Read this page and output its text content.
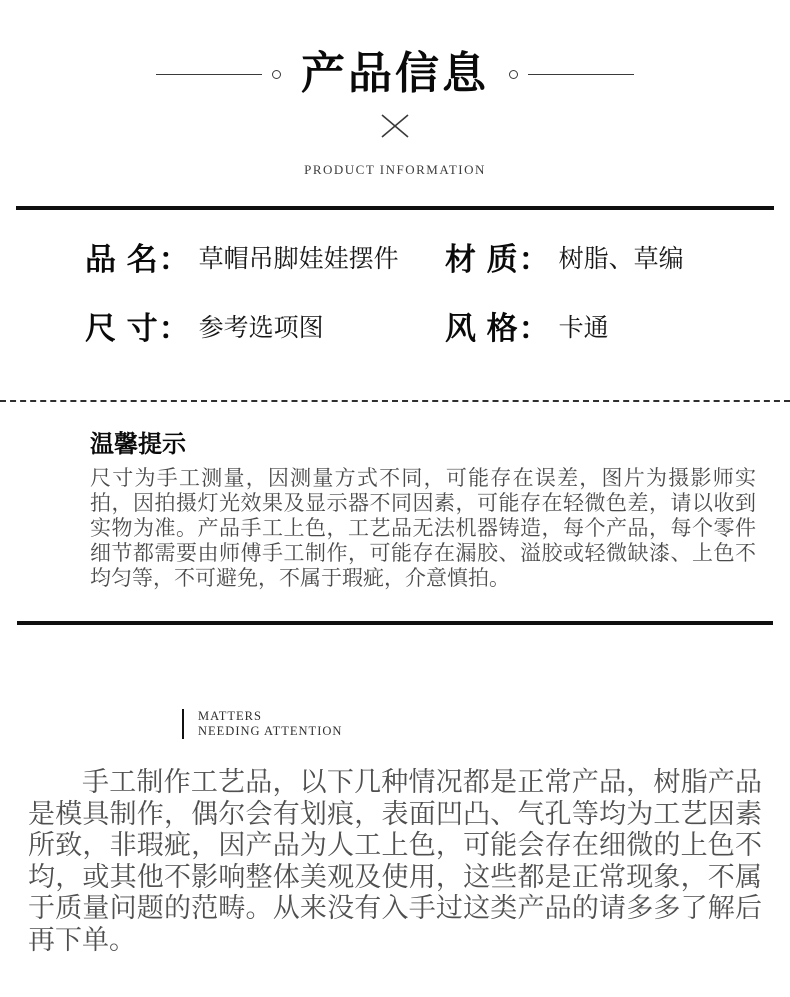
产品信息
PRODUCT INFORMATION
品 名： 草帽吊脚娃娃摆件 材 质： 树脂、草编
尺 寸： 参考选项图	风 格： 卡通
温馨提示

尺寸为手工测量，因测量方式不同，可能存在误差，图片为摄影师实拍，因拍摄灯光效果及显示器不同因素，可能存在轻微色差，请以收到实物为准。产品手工上色，工艺品无法机器铸造，每个产品，每个零件细节都需要由师傅手工制作，可能存在漏胶、溢胶或轻微缺漆、上色不均匀等，不可避免，不属于瑕疵，介意慎拍。

MATTERS
NEEDING ATTENTION

手工制作工艺品，以下几种情况都是正常产品，树脂产品是模具制作，偶尔会有划痕，表面凹凸、气孔等均为工艺因素所致，非瑕疵，因产品为人工上色，可能会存在细微的上色不均，或其他不影响整体美观及使用，这些都是正常现象，不属于质量问题的范畴。从来没有入手过这类产品的请多多了解后再下单。
